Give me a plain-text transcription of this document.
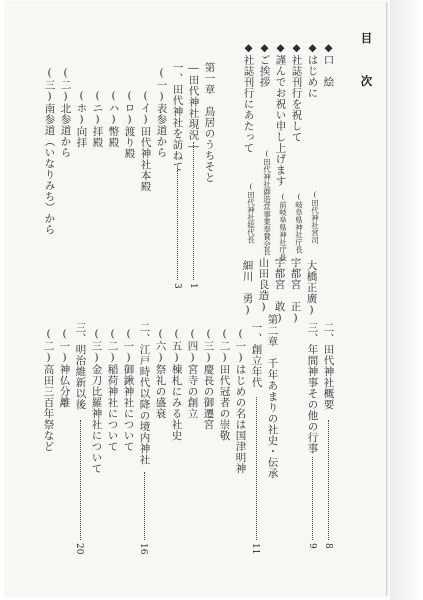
目　次
◆口　絵
◆はじめに
(田代神社宮司
大橋正廣)
◆社誌刊行を祝して
(岐阜県神社庁長
宇都宮　正)
◆謹んでお祝い申し上げます
(前岐阜県神社庁長
宇都宮　敢)
◆ご挨拶
(田代神社御造営事業奉賛会長
山田良造)
◆社誌刊行にあたって
(田代神社総代長
細川　勇)
第一章　鳥居のうちそと
―田代神社現況―
1
一、田代神社を訪ねて
3
(一)表参道から
(イ)田代神社本殿
(ロ)渡り殿
(ハ)幣殿
(ニ)拝殿
(ホ)向拝
(二)北参道から
(三)南参道（いなりみち）から
二、田代神社概要
8
三、年間神事その他の行事
9
第二章　千年あまりの社史・伝承
一、創立年代
11
(一)はじめの名は国津明神
(二)田代冠者の崇敬
(三)慶長の御遷宮
(四)宮寺の創立
(五)棟札にみる社史
(六)祭礼の盛衰
二、江戸時代以降の境内神社
16
(一)御鍬神社について
(二)稲荷神社について
(三)金刀比羅神社について
三、明治維新以後
20
(一)神仏分離
(二)高田三百年祭など
